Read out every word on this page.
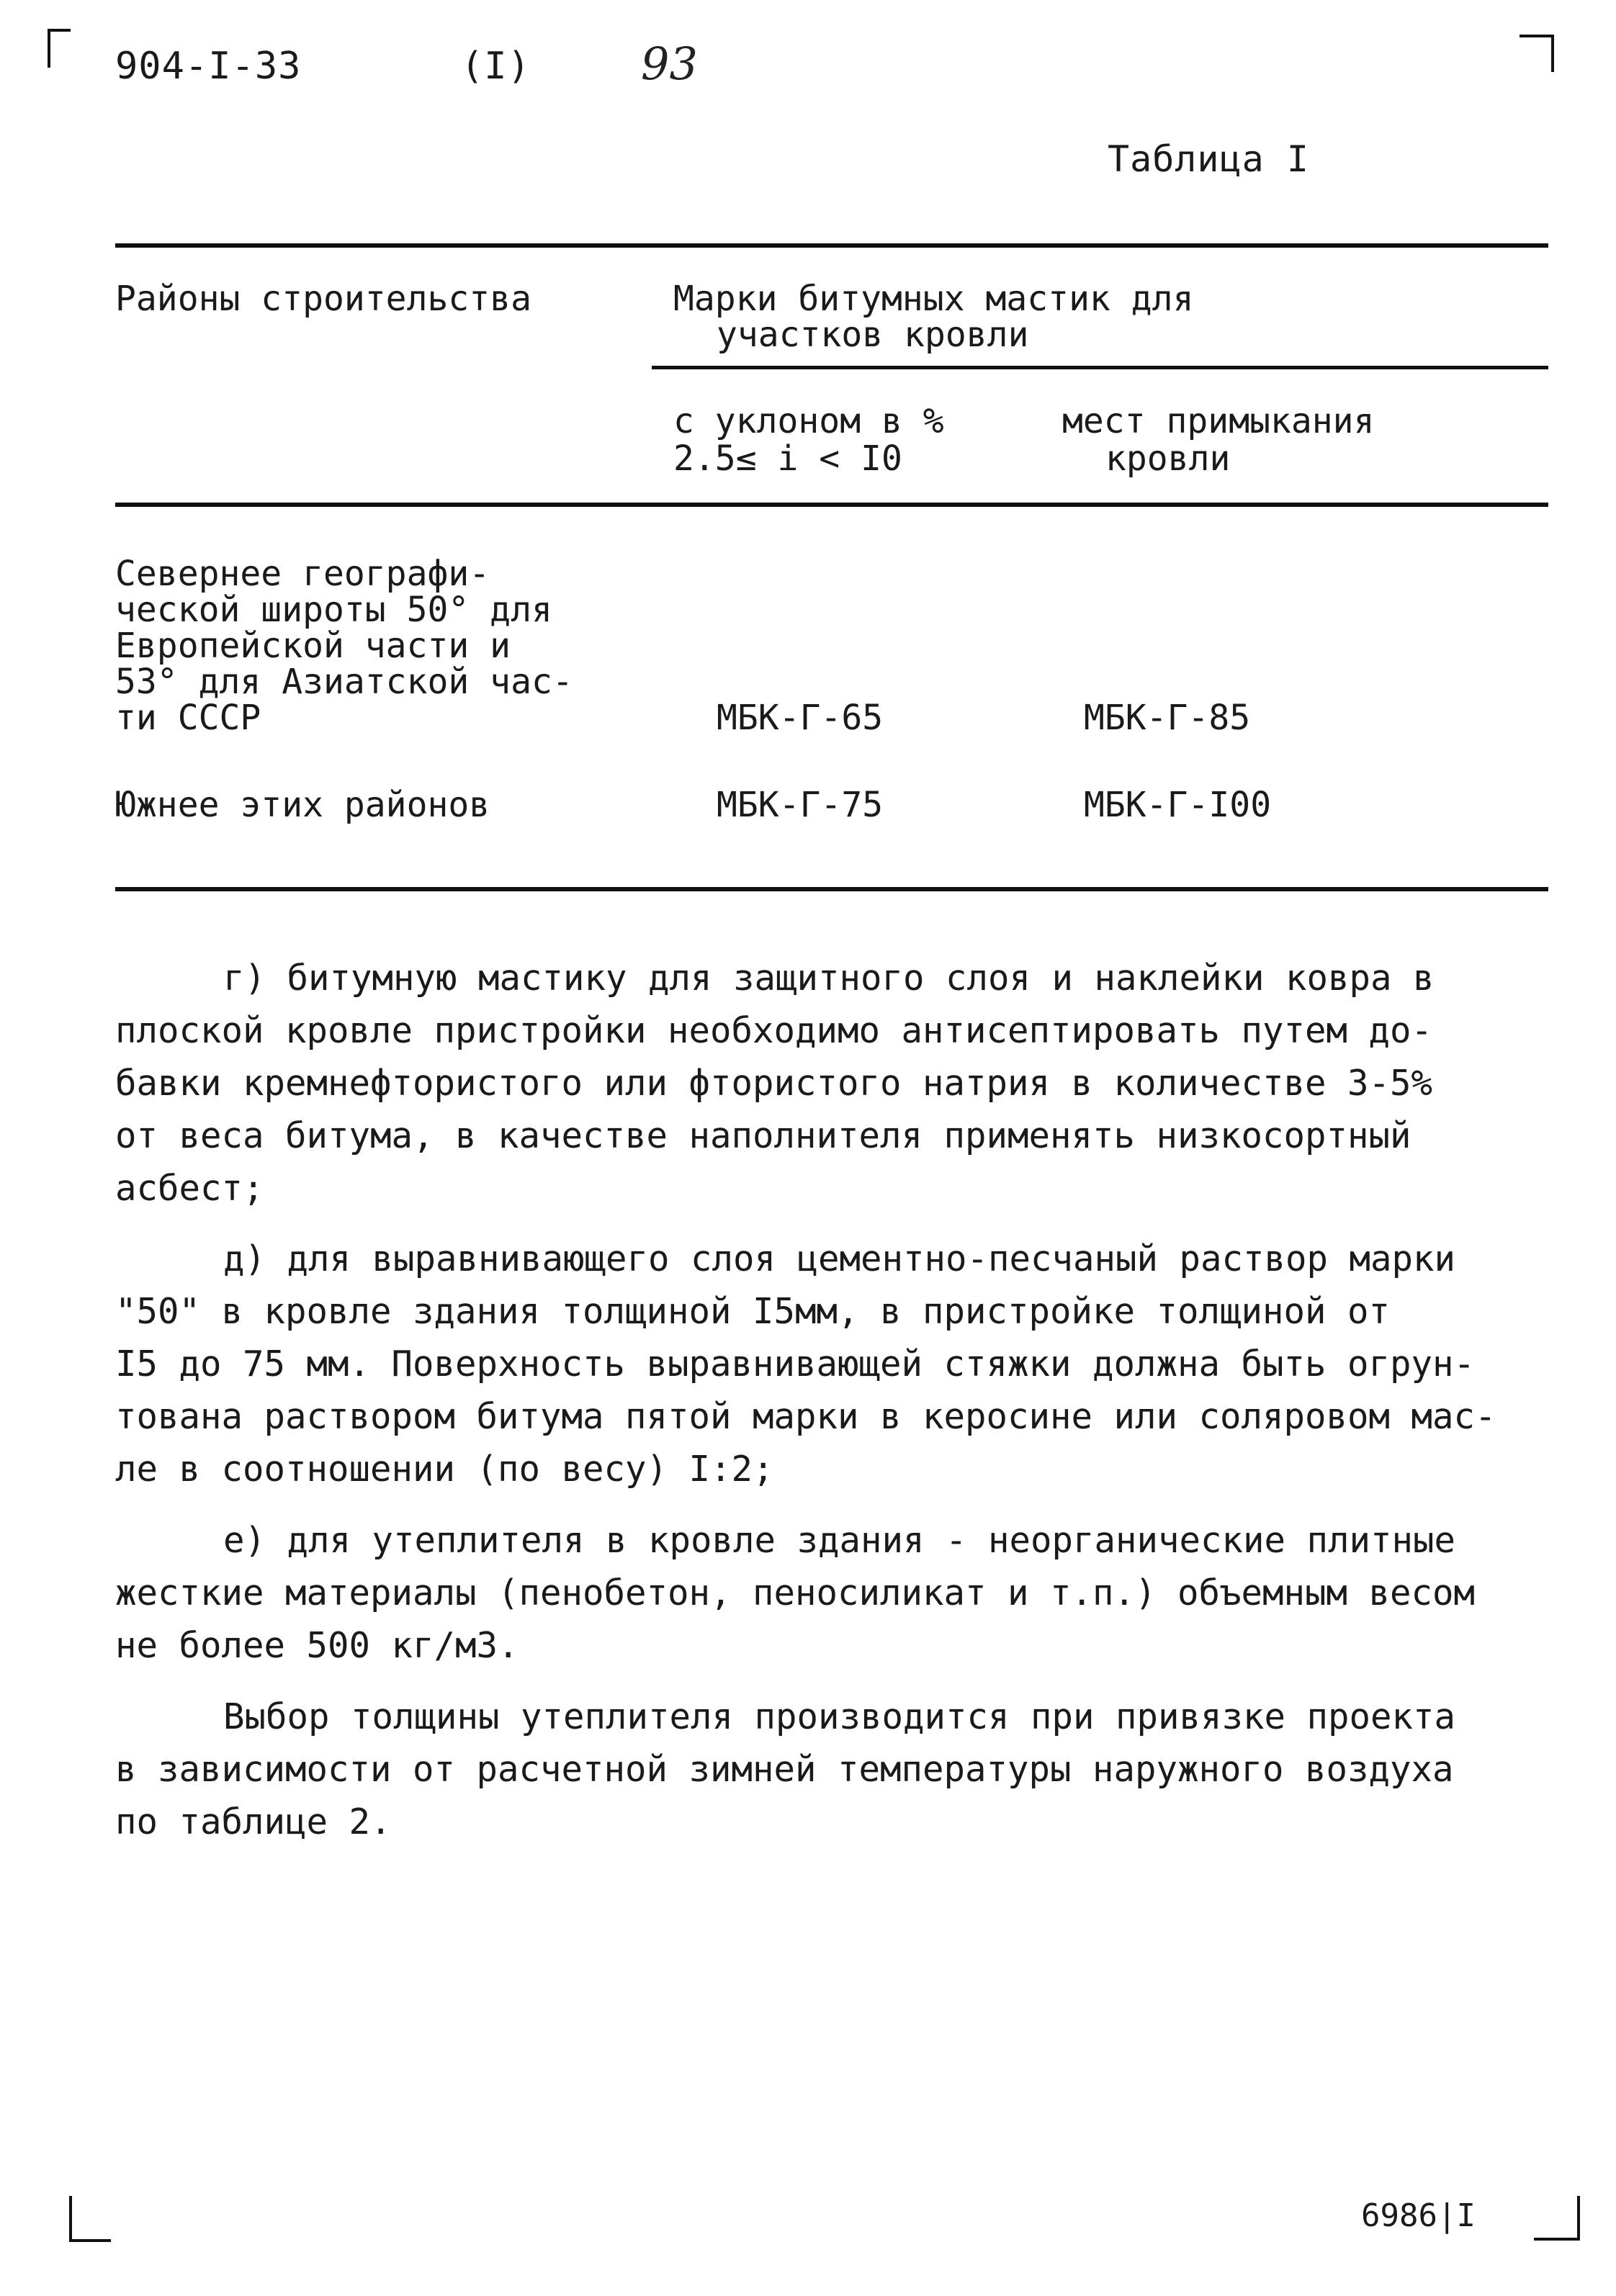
904-I-33	(I) 93
Таблица I
Районы строительства	Марки битумных мастик для
участков кровли
с уклоном в %
2.5≤ i < I0
мест примыкания
кровли
Севернее географи-
ческой широты 50° для
Европейской части и
53° для Азиатской час-
ти СССР	МБК-Г-65	МБК-Г-85
Южнее этих районов	МБК-Г-75	МБК-Г-I00
г) битумную мастику для защитного слоя и наклейки ковра в
плоской кровле пристройки необходимо антисептировать путем до-
бавки кремнефтористого или фтористого натрия в количестве 3-5%
от веса битума, в качестве наполнителя применять низкосортный
асбест;
д) для выравнивающего слоя цементно-песчаный раствор марки
"50" в кровле здания толщиной I5мм, в пристройке толщиной от
I5 до 75 мм. Поверхность выравнивающей стяжки должна быть огрун-
тована раствором битума пятой марки в керосине или соляровом мас-
ле в соотношении (по весу) I:2;
е) для утеплителя в кровле здания - неорганические плитные
жесткие материалы (пенобетон, пеносиликат и т.п.) объемным весом
не более 500 кг/м3.
Выбор толщины утеплителя производится при привязке проекта
в зависимости от расчетной зимней температуры наружного воздуха
по таблице 2.
6986|I
